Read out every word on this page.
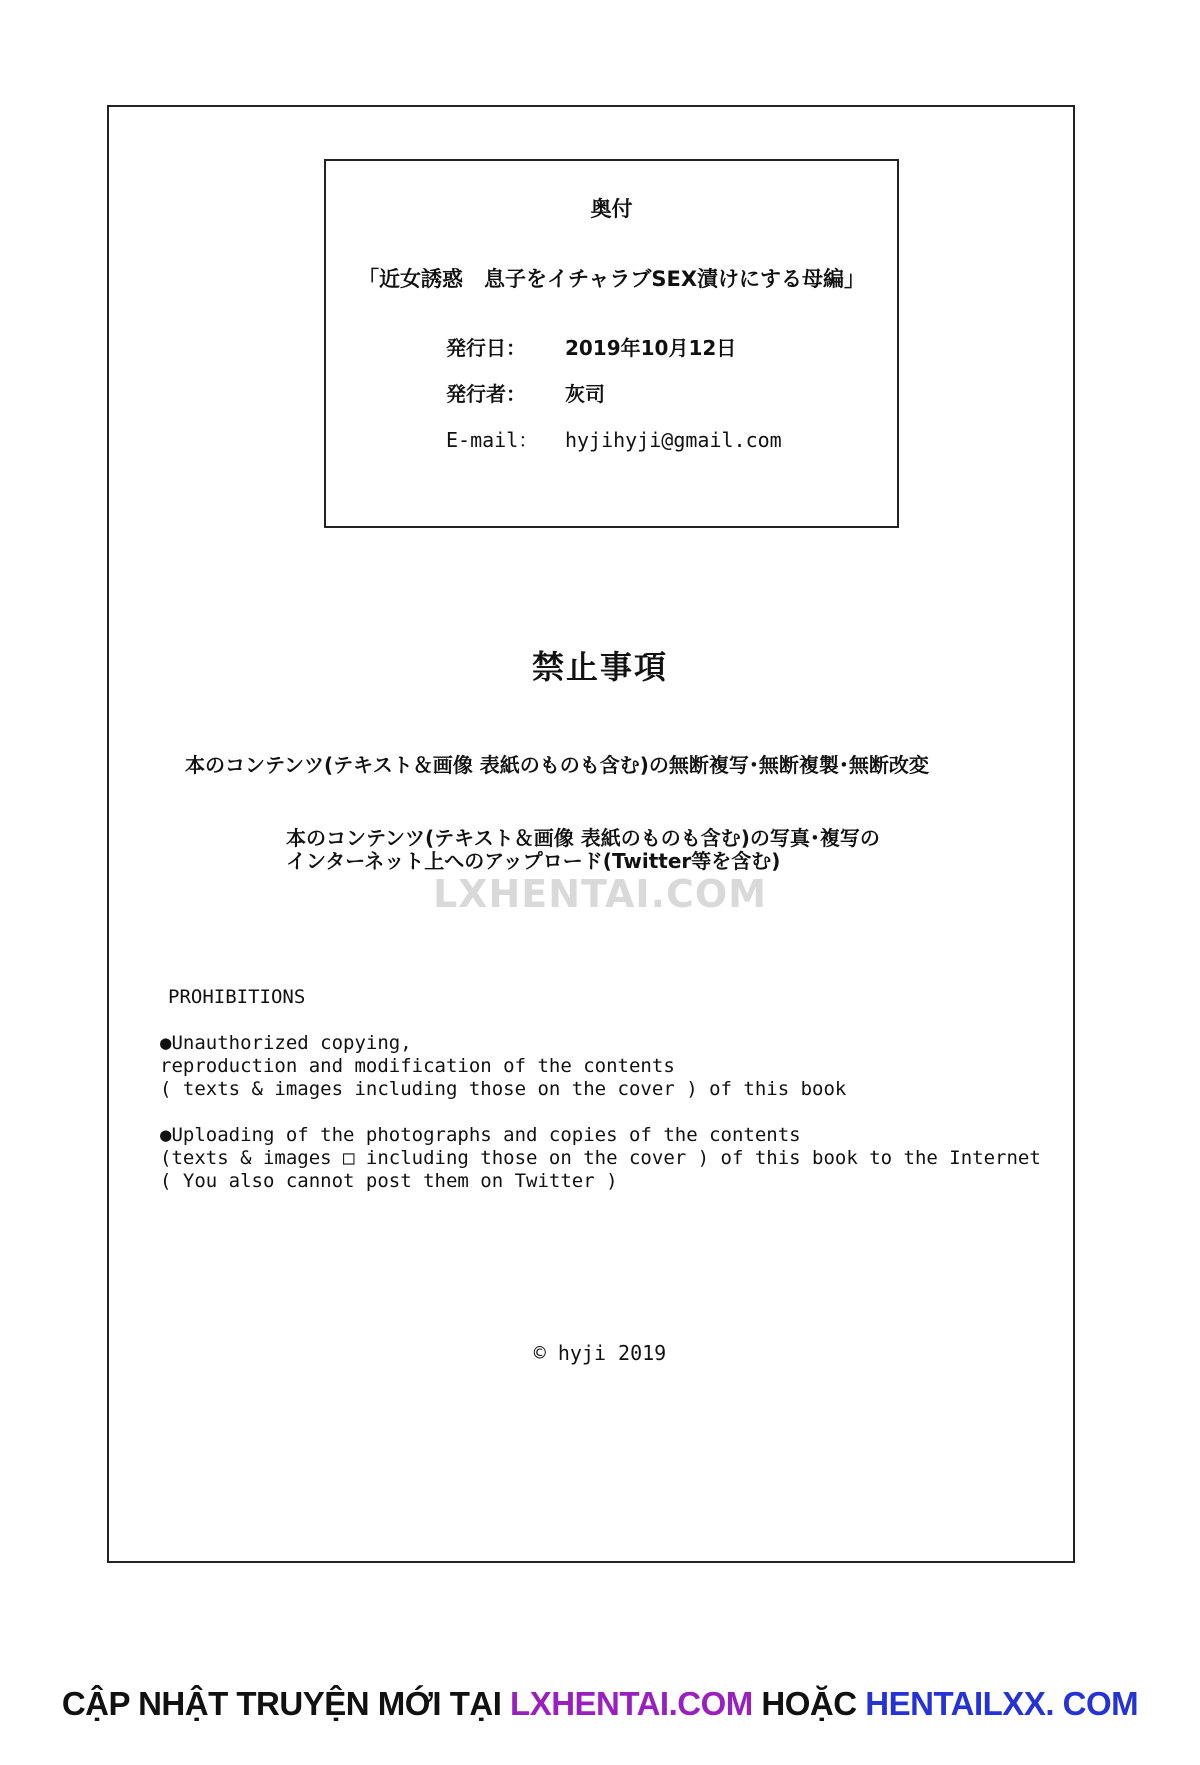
奥付
「近女誘惑　息子をイチャラブSEX漬けにする母編」
発行日： 2019年10月12日
発行者： 灰司
E-mail： hyjihyji@gmail.com
禁止事項
本のコンテンツ(テキスト＆画像 表紙のものも含む)の無断複写･無断複製･無断改変
本のコンテンツ(テキスト＆画像 表紙のものも含む)の写真･複写の
インターネット上へのアップロード(Twitter等を含む)
LXHENTAI.COM
PROHIBITIONS
●Unauthorized copying,
reproduction and modification of the contents
( texts & images including those on the cover ) of this book
●Uploading of the photographs and copies of the contents
(texts & images □ including those on the cover ) of this book to the Internet
( You also cannot post them on Twitter )
© hyji 2019
CẬP NHẬT TRUYỆN MỚI TẠI LXHENTAI.COM HOẶC HENTAILXX. COM
